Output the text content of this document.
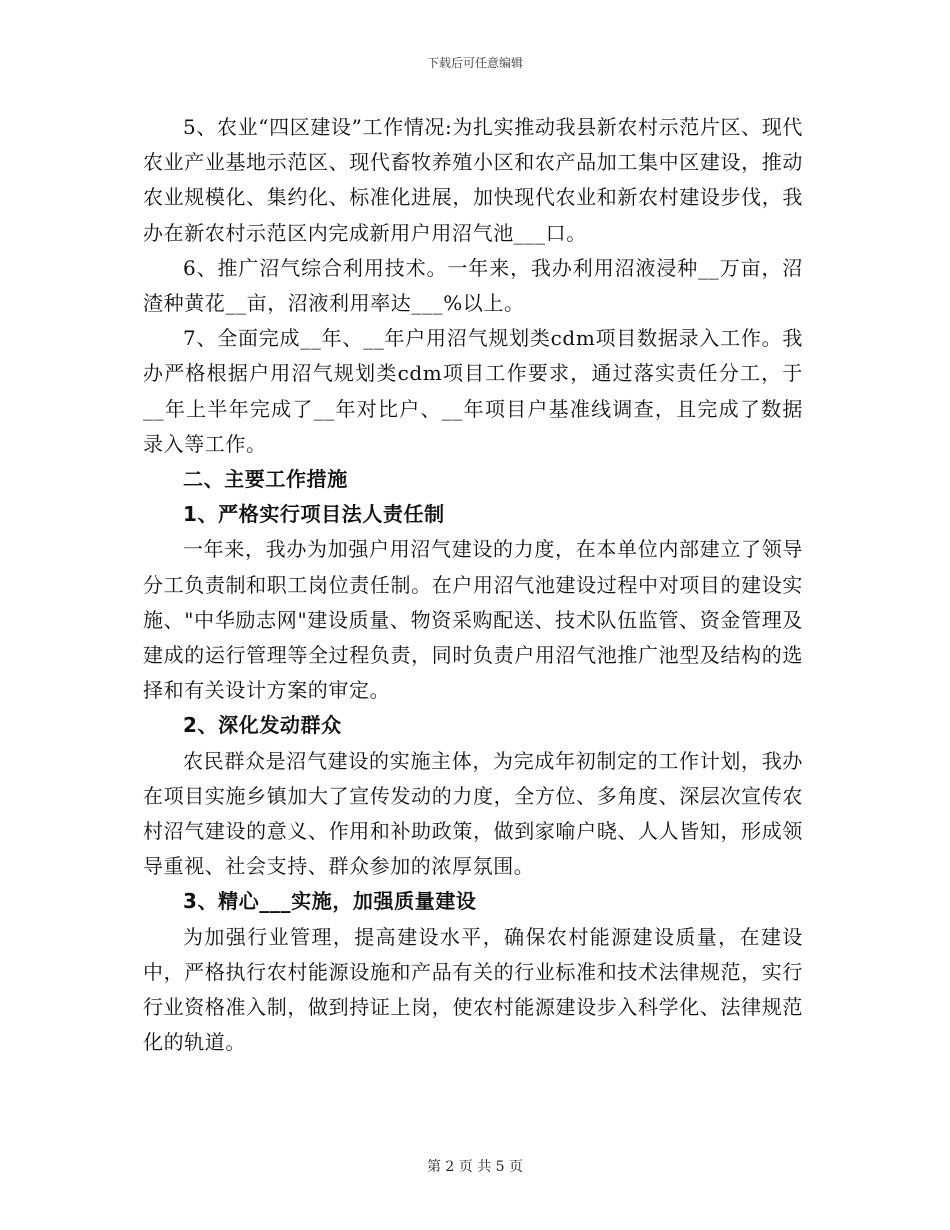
下载后可任意编辑

5、农业“四区建设”工作情况:为扎实推动我县新农村示范片区、现代农业产业基地示范区、现代畜牧养殖小区和农产品加工集中区建设，推动农业规模化、集约化、标准化进展，加快现代农业和新农村建设步伐，我办在新农村示范区内完成新用户用沼气池___口。

6、推广沼气综合利用技术。一年来，我办利用沼液浸种__万亩，沼渣种黄花__亩，沼液利用率达___%以上。

7、全面完成__年、__年户用沼气规划类cdm项目数据录入工作。我办严格根据户用沼气规划类cdm项目工作要求，通过落实责任分工，于__年上半年完成了__年对比户、__年项目户基准线调查，且完成了数据录入等工作。

二、主要工作措施
1、严格实行项目法人责任制

一年来，我办为加强户用沼气建设的力度，在本单位内部建立了领导分工负责制和职工岗位责任制。在户用沼气池建设过程中对项目的建设实施、"中华励志网"建设质量、物资采购配送、技术队伍监管、资金管理及建成的运行管理等全过程负责，同时负责户用沼气池推广池型及结构的选择和有关设计方案的审定。

2、深化发动群众

农民群众是沼气建设的实施主体，为完成年初制定的工作计划，我办在项目实施乡镇加大了宣传发动的力度，全方位、多角度、深层次宣传农村沼气建设的意义、作用和补助政策，做到家喻户晓、人人皆知，形成领导重视、社会支持、群众参加的浓厚氛围。

3、精心___实施，加强质量建设

为加强行业管理，提高建设水平，确保农村能源建设质量，在建设中，严格执行农村能源设施和产品有关的行业标准和技术法律规范，实行行业资格准入制，做到持证上岗，使农村能源建设步入科学化、法律规范化的轨道。

第 2 页 共 5 页
